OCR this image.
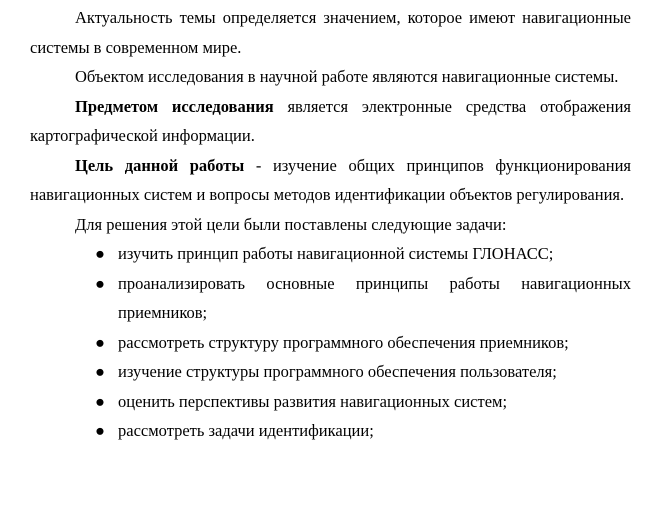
Актуальность темы определяется значением, которое имеют навигационные системы в современном мире.

Объектом исследования в научной работе являются навигационные системы.

Предметом исследования является электронные средства отображения картографической информации.

Цель данной работы - изучение общих принципов функционирования навигационных систем и вопросы методов идентификации объектов регулирования.

Для решения этой цели были поставлены следующие задачи:

● изучить принцип работы навигационной системы ГЛОНАСС;
● проанализировать основные принципы работы навигационных приемников;
● рассмотреть структуру программного обеспечения приемников;
● изучение структуры программного обеспечения пользователя;
● оценить перспективы развития навигационных систем;
● рассмотреть задачи идентификации;
